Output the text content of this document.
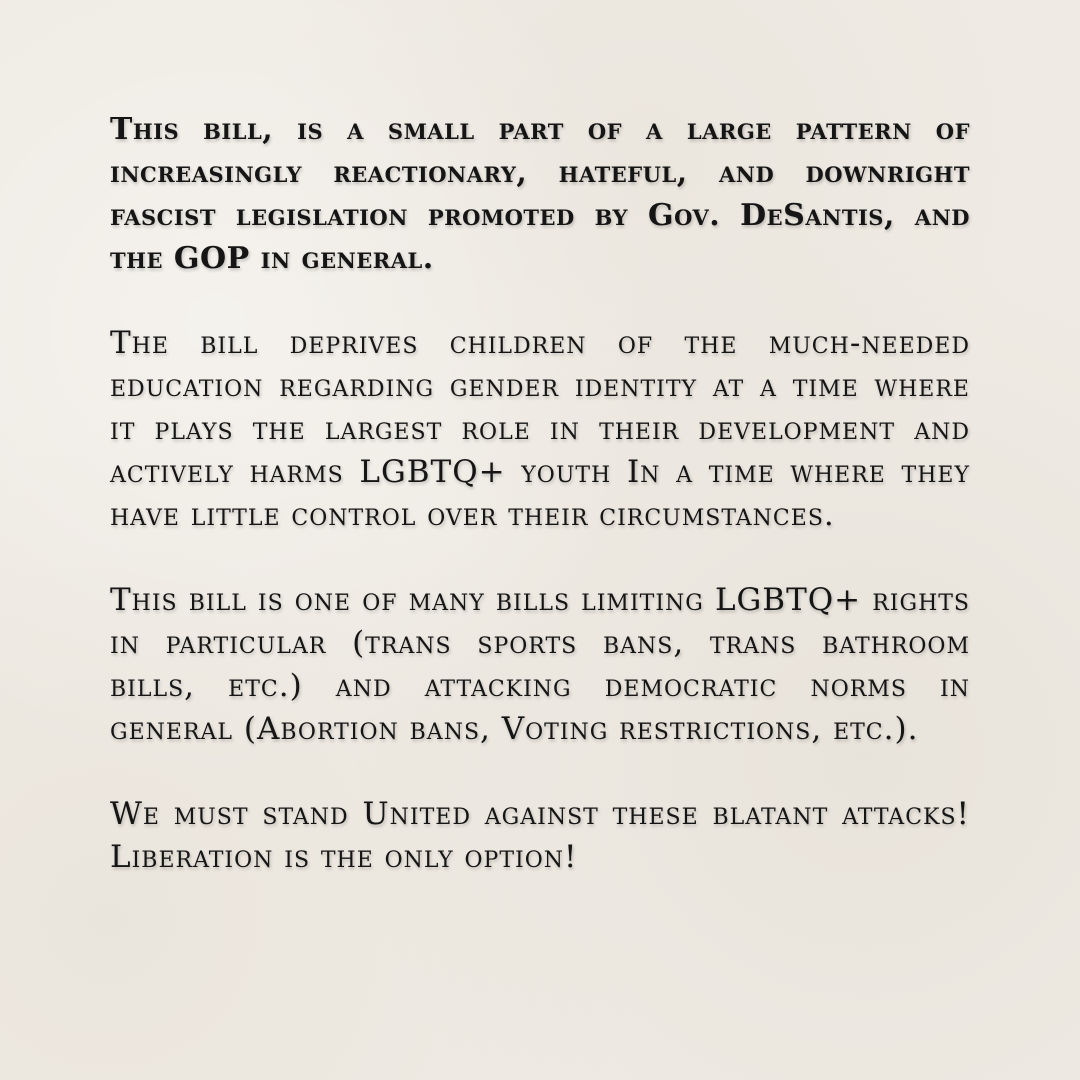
This bill, is a small part of a large pattern of increasingly reactionary, hateful, and downright fascist legislation promoted by Gov. DeSantis, and the GOP in general.

The bill deprives children of the much-needed education regarding gender identity at a time where it plays the largest role in their development and actively harms LGBTQ+ youth In a time where they have little control over their circumstances.

This bill is one of many bills limiting LGBTQ+ rights in particular (trans sports bans, trans bathroom bills, etc.) and attacking democratic norms in general (Abortion bans, Voting restrictions, etc.).

We must stand United against these blatant attacks! Liberation is the only option!
